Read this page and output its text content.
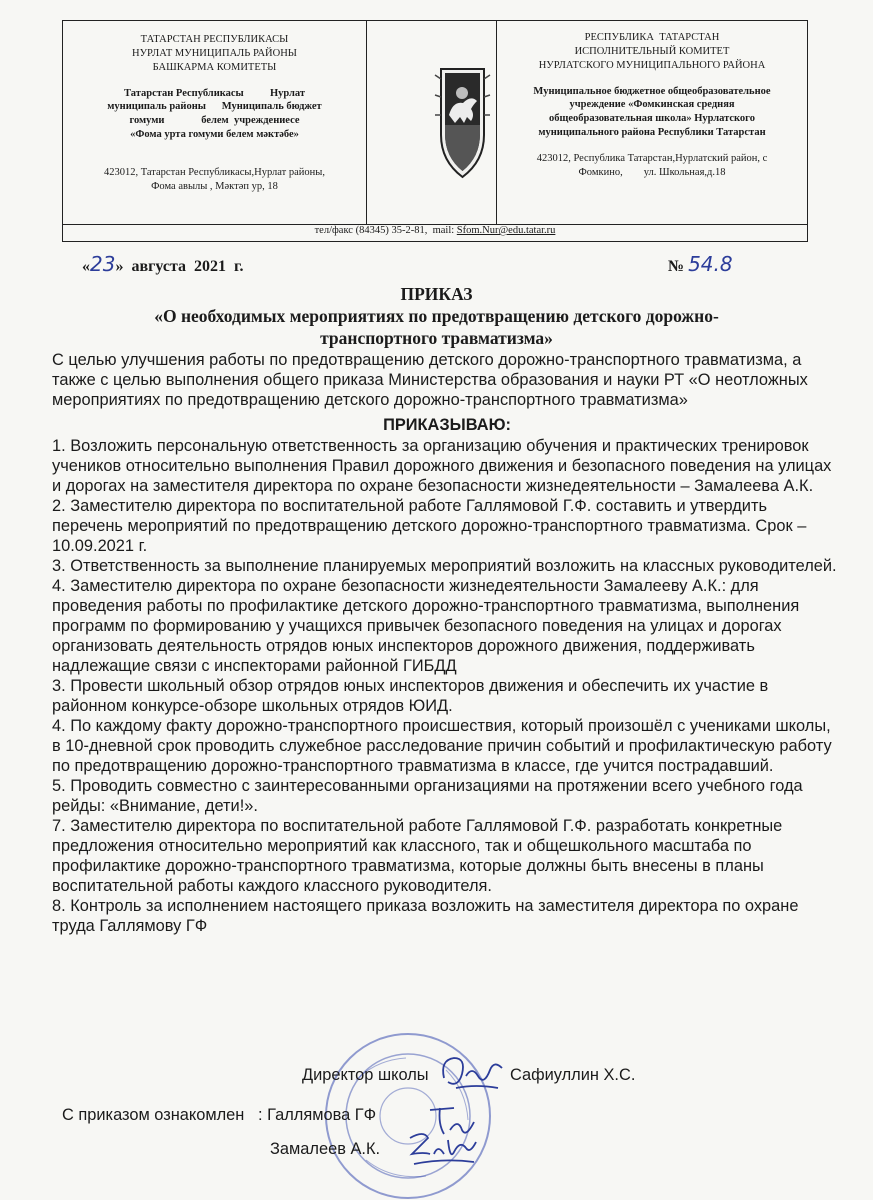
ТАТАРСТАН РЕСПУБЛИКАСЫ
НУРЛАТ МУНИЦИПАЛЬ РАЙОНЫ
БАШКАРМА КОМИТЕТЫ
Татарстан Республикасы          Нурлат
муниципаль районы      Муниципаль бюджет
гомуми              белем  учреждениесе
«Фома урта гомуми белем мәктәбе»
423012, Татарстан Республикасы,Нурлат районы,
Фома авылы , Мәктәп ур, 18
РЕСПУБЛИКА  ТАТАРСТАН
ИСПОЛНИТЕЛЬНЫЙ КОМИТЕТ
НУРЛАТСКОГО МУНИЦИПАЛЬНОГО РАЙОНА
Муниципальное бюджетное общеобразовательное
учреждение «Фомкинская средняя
общеобразовательная школа» Нурлатского
муниципального района Республики Татарстан
423012, Республика Татарстан,Нурлатский район, с
Фомкино,        ул. Школьная,д.18
тел/факс (84345) 35-2-81,  mail: Sfom.Nur@edu.tatar.ru
«23»  августа  2021  г.	№ 54.8
ПРИКАЗ
«О необходимых мероприятиях по предотвращению детского дорожно-
транспортного травматизма»

С целью улучшения работы по предотвращению детского дорожно-транспортного травматизма, а также с целью выполнения общего приказа Министерства образования и науки РТ «О неотложных мероприятиях по предотвращению детского дорожно-транспортного травматизма»

ПРИКАЗЫВАЮ:

1. Возложить персональную ответственность за организацию обучения и практических тренировок учеников относительно выполнения Правил дорожного движения и безопасного поведения на улицах и дорогах на заместителя директора по охране безопасности жизнедеятельности – Замалеева А.К.

2. Заместителю директора по воспитательной работе Галлямовой Г.Ф. составить и утвердить перечень мероприятий по предотвращению детского дорожно-транспортного травматизма. Срок – 10.09.2021 г.

3. Ответственность за выполнение планируемых мероприятий возложить на классных руководителей.

4. Заместителю директора по охране безопасности жизнедеятельности Замалееву А.К.: для проведения работы по профилактике детского дорожно-транспортного травматизма, выполнения программ по формированию у учащихся привычек безопасного поведения на улицах и дорогах организовать деятельность отрядов юных инспекторов дорожного движения, поддерживать надлежащие связи с инспекторами районной ГИБДД

3. Провести школьный обзор отрядов юных инспекторов движения и обеспечить их участие в районном конкурсе-обзоре школьных отрядов ЮИД.

4. По каждому факту дорожно-транспортного происшествия, который произошёл с учениками школы, в 10-дневной срок проводить служебное расследование причин событий и профилактическую работу по предотвращению дорожно-транспортного травматизма в классе, где учится пострадавший.

5. Проводить совместно с заинтересованными организациями на протяжении всего учебного года рейды: «Внимание, дети!».

7. Заместителю директора по воспитательной работе Галлямовой Г.Ф. разработать конкретные предложения относительно мероприятий как классного, так и общешкольного масштаба по профилактике дорожно-транспортного травматизма, которые должны быть внесены в планы воспитательной работы каждого классного руководителя.

8. Контроль за исполнением настоящего приказа возложить на заместителя директора по охране труда Галлямову ГФ

Директор школы	Сафиуллин Х.С.
С приказом ознакомлен   : Галлямова ГФ
Замалеев А.К.
